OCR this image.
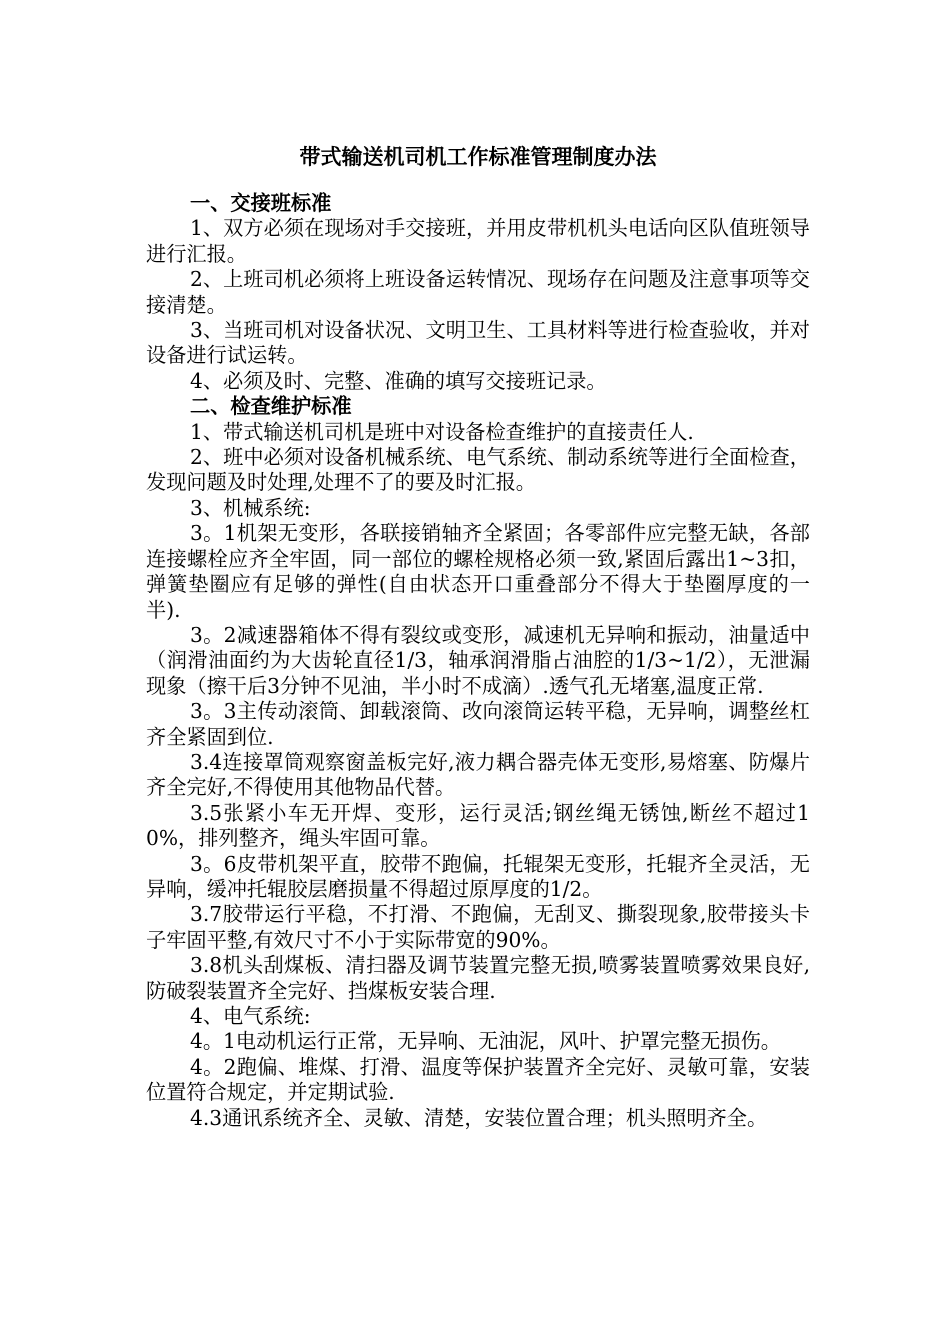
带式输送机司机工作标准管理制度办法

一、交接班标准

1、双方必须在现场对手交接班，并用皮带机机头电话向区队值班领导进行汇报。

2、上班司机必须将上班设备运转情况、现场存在问题及注意事项等交接清楚。

3、当班司机对设备状况、文明卫生、工具材料等进行检查验收，并对设备进行试运转。

4、必须及时、完整、准确的填写交接班记录。

二、检查维护标准

1、带式输送机司机是班中对设备检查维护的直接责任人.

2、班中必须对设备机械系统、电气系统、制动系统等进行全面检查，发现问题及时处理,处理不了的要及时汇报。

3、机械系统:

3。1机架无变形，各联接销轴齐全紧固；各零部件应完整无缺，各部连接螺栓应齐全牢固，同一部位的螺栓规格必须一致,紧固后露出1~3扣，弹簧垫圈应有足够的弹性(自由状态开口重叠部分不得大于垫圈厚度的一半).

3。2减速器箱体不得有裂纹或变形，减速机无异响和振动，油量适中（润滑油面约为大齿轮直径1/3，轴承润滑脂占油腔的1/3~1/2），无泄漏现象（擦干后3分钟不见油，半小时不成滴）.透气孔无堵塞,温度正常.

3。3主传动滚筒、卸载滚筒、改向滚筒运转平稳，无异响，调整丝杠齐全紧固到位.

3.4连接罩筒观察窗盖板完好,液力耦合器壳体无变形,易熔塞、防爆片齐全完好,不得使用其他物品代替。

3.5张紧小车无开焊、变形，运行灵活;钢丝绳无锈蚀,断丝不超过10%，排列整齐，绳头牢固可靠。

3。6皮带机架平直，胶带不跑偏，托辊架无变形，托辊齐全灵活，无异响，缓冲托辊胶层磨损量不得超过原厚度的1/2。

3.7胶带运行平稳，不打滑、不跑偏，无刮叉、撕裂现象,胶带接头卡子牢固平整,有效尺寸不小于实际带宽的90%。

3.8机头刮煤板、清扫器及调节装置完整无损,喷雾装置喷雾效果良好,防破裂装置齐全完好、挡煤板安装合理.

4、电气系统:

4。1电动机运行正常，无异响、无油泥，风叶、护罩完整无损伤。

4。2跑偏、堆煤、打滑、温度等保护装置齐全完好、灵敏可靠，安装位置符合规定，并定期试验.

4.3通讯系统齐全、灵敏、清楚，安装位置合理；机头照明齐全。
